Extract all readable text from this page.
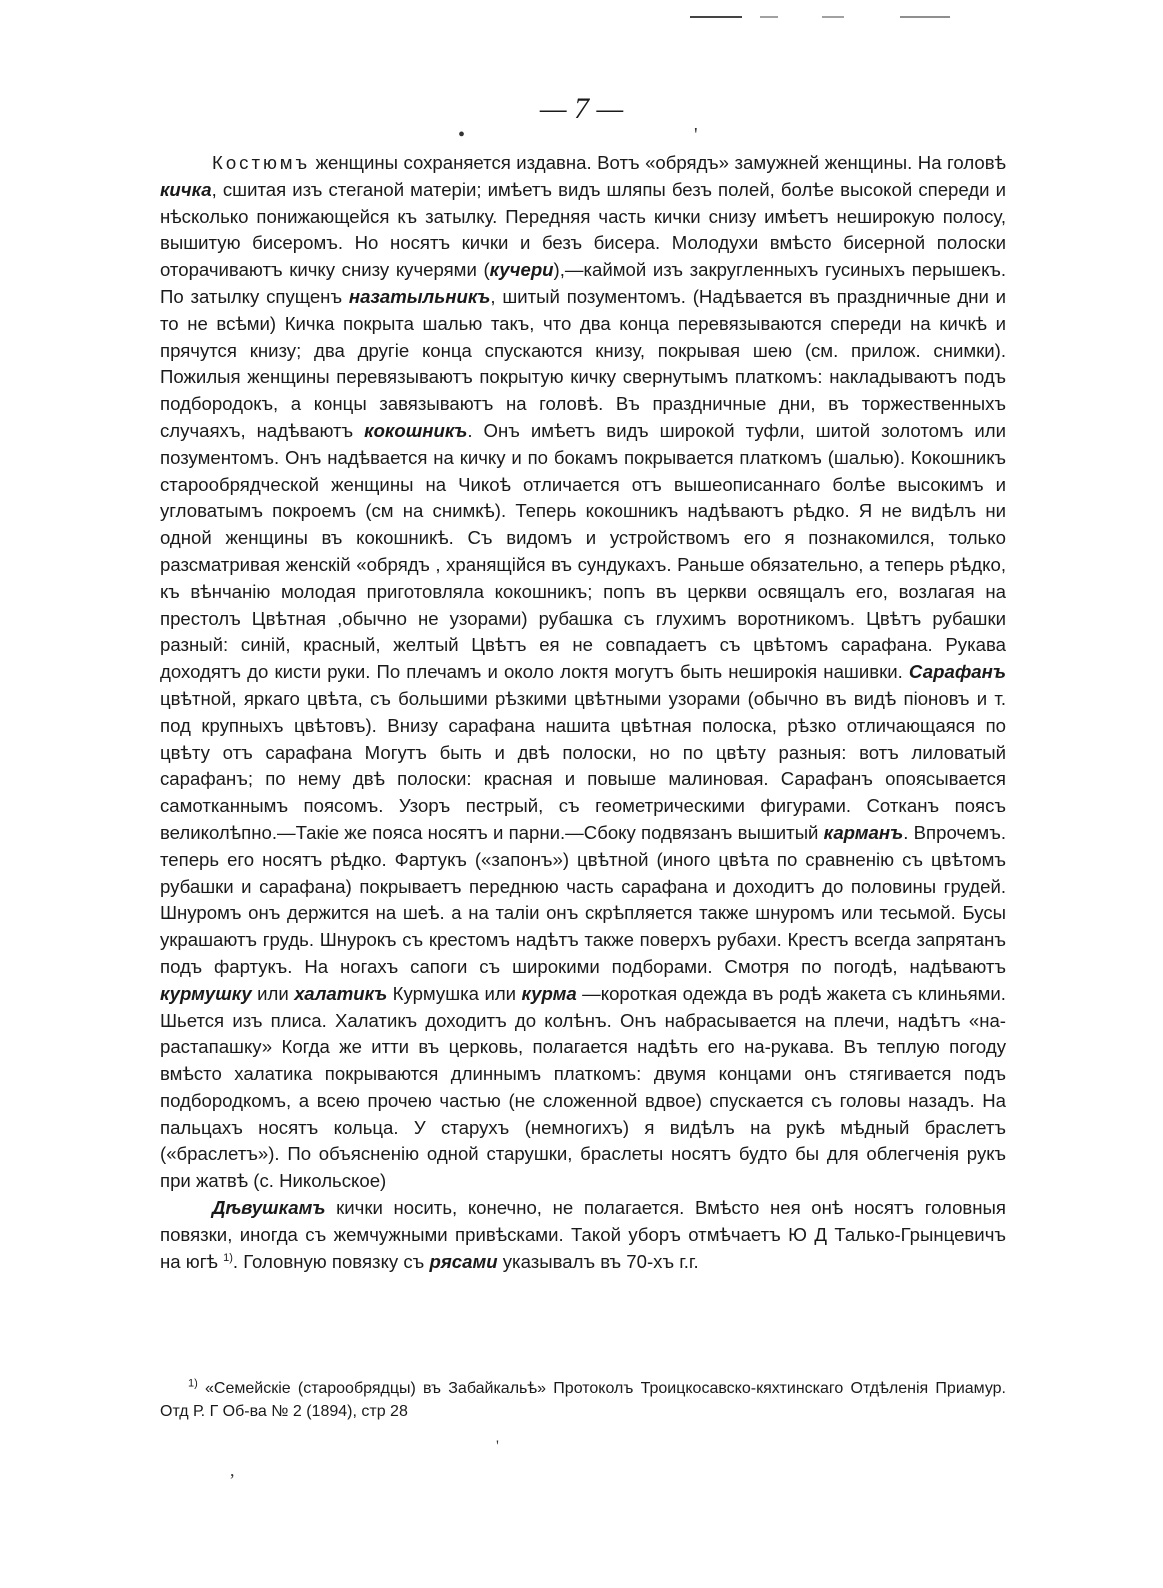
— 7 —
•	'

Костюмъ женщины сохраняется издавна. Вотъ «обрядъ» замужней женщины. На головѣ кичка, сшитая изъ стеганой матеріи; имѣетъ видъ шляпы безъ полей, болѣе высокой спереди и нѣсколько понижающейся къ затылку. Передняя часть кички снизу имѣетъ неширокую полосу, вышитую бисеромъ. Но носятъ кички и безъ бисера. Молодухи вмѣсто бисерной полоски оторачиваютъ кичку снизу кучерями (кучери),—каймой изъ закругленныхъ гусиныхъ перышекъ. По затылку спущенъ назатыльникъ, шитый позументомъ. (Надѣвается въ праздничные дни и то не всѣми) Кичка покрыта шалью такъ, что два конца перевязываются спереди на кичкѣ и прячутся книзу; два другіе конца спускаются книзу, покрывая шею (см. прилож. снимки). Пожилыя женщины перевязываютъ покрытую кичку свернутымъ платкомъ: накладываютъ подъ подбородокъ, а концы завязываютъ на головѣ. Въ праздничные дни, въ торжественныхъ случаяхъ, надѣваютъ кокошникъ. Онъ имѣетъ видъ широкой туфли, шитой золотомъ или позументомъ. Онъ надѣвается на кичку и по бокамъ покрывается платкомъ (шалью). Кокошникъ старообрядческой женщины на Чикоѣ отличается отъ вышеописаннаго болѣе высокимъ и угловатымъ покроемъ (см на снимкѣ). Теперь кокошникъ надѣваютъ рѣдко. Я не видѣлъ ни одной женщины въ кокошникѣ. Съ видомъ и устройствомъ его я познакомился, только разсматривая женскій «обрядъ , хранящійся въ сундукахъ. Раньше обязательно, а теперь рѣдко, къ вѣнчанію молодая приготовляла кокошникъ; попъ въ церкви освящалъ его, возлагая на престолъ Цвѣтная ,обычно не узорами) рубашка съ глухимъ воротникомъ. Цвѣтъ рубашки разный: синій, красный, желтый Цвѣтъ ея не совпадаетъ съ цвѣтомъ сарафана. Рукава доходятъ до кисти руки. По плечамъ и около локтя могутъ быть неширокія нашивки. Сарафанъ цвѣтной, яркаго цвѣта, съ большими рѣзкими цвѣтными узорами (обычно въ видѣ піоновъ и т. под крупныхъ цвѣтовъ). Внизу сарафана нашита цвѣтная полоска, рѣзко отличающаяся по цвѣту отъ сарафана Могутъ быть и двѣ полоски, но по цвѣту разныя: вотъ лиловатый сарафанъ; по нему двѣ полоски: красная и повыше малиновая. Сарафанъ опоясывается самотканнымъ поясомъ. Узоръ пестрый, съ геометрическими фигурами. Сотканъ поясъ великолѣпно.—Такіе же пояса носятъ и парни.—Сбоку подвязанъ вышитый карманъ. Впрочемъ. теперь его носятъ рѣдко. Фартукъ («запонъ») цвѣтной (иного цвѣта по сравненію съ цвѣтомъ рубашки и сарафана) покрываетъ переднюю часть сарафана и доходитъ до половины грудей. Шнуромъ онъ держится на шеѣ. а на таліи онъ скрѣпляется также шнуромъ или тесьмой. Бусы украшаютъ грудь. Шнурокъ съ крестомъ надѣтъ также поверхъ рубахи. Крестъ всегда запрятанъ подъ фартукъ. На ногахъ сапоги съ широкими подборами. Смотря по погодѣ, надѣваютъ курмушку или халатикъ Курмушка или курма —короткая одежда въ родѣ жакета съ клиньями. Шьется изъ плиса. Халатикъ доходитъ до колѣнъ. Онъ набрасывается на плечи, надѣтъ «на-растапашку» Когда же итти въ церковь, полагается надѣть его на-рукава. Въ теплую погоду вмѣсто халатика покрываются длиннымъ платкомъ: двумя концами онъ стягивается подъ подбородкомъ, а всею прочею частью (не сложенной вдвое) спускается съ головы назадъ. На пальцахъ носятъ кольца. У старухъ (немногихъ) я видѣлъ на рукѣ мѣдный браслетъ («браслетъ»). По объясненію одной старушки, браслеты носятъ будто бы для облегченія рукъ при жатвѣ (с. Никольское)

Дѣвушкамъ кички носить, конечно, не полагается. Вмѣсто нея онѣ носятъ головныя повязки, иногда съ жемчужными привѣсками. Такой уборъ отмѣчаетъ Ю Д Талько-Грынцевичъ на югѣ $^{1)}$. Головную повязку съ рясами указывалъ въ 70-хъ г.г.

$^{1)}$ «Семейскіе (старообрядцы) въ Забайкальѣ» Протоколъ Троицкосавско-кяхтинскаго Отдѣленія Приамур. Отд Р. Г Об-ва № 2 (1894), стр 28
'
,
